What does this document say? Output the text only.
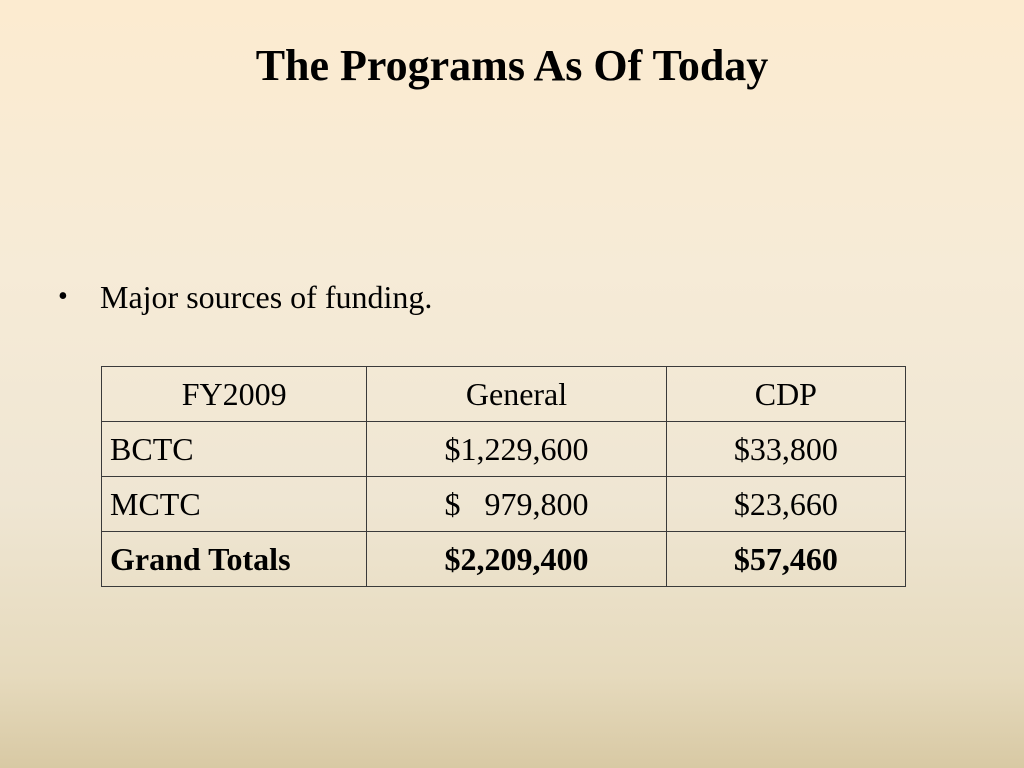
The Programs As Of Today
•	Major sources of funding.
FY2009	General	CDP
BCTC	$1,229,600	$33,800
MCTC	$   979,800	$23,660
Grand Totals	$2,209,400	$57,460
